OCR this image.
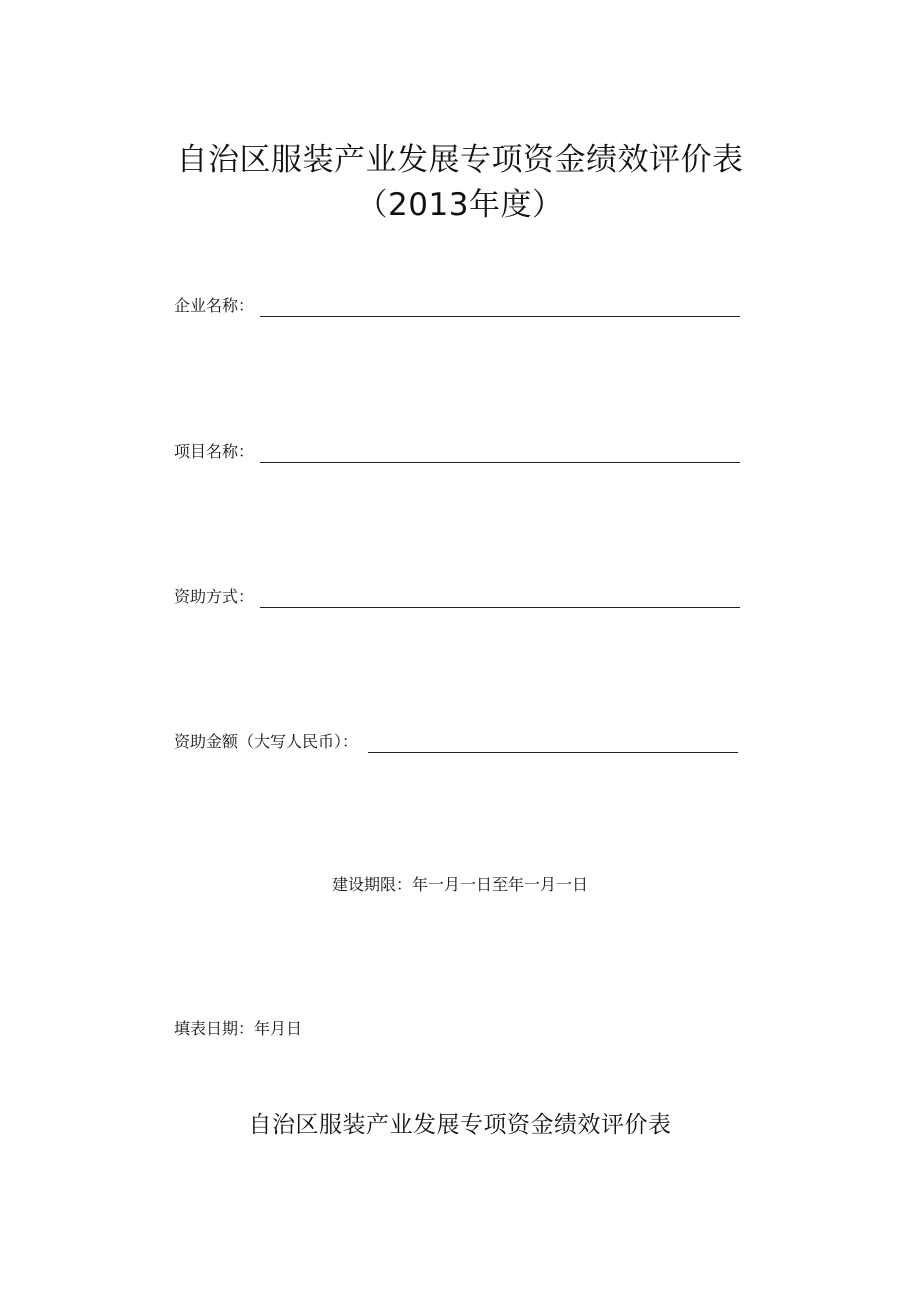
自治区服装产业发展专项资金绩效评价表
（2013年度）
企业名称：
项目名称：
资助方式：
资助金额（大写人民币）：
建设期限：年一月一日至年一月一日
填表日期：年月日
自治区服装产业发展专项资金绩效评价表
